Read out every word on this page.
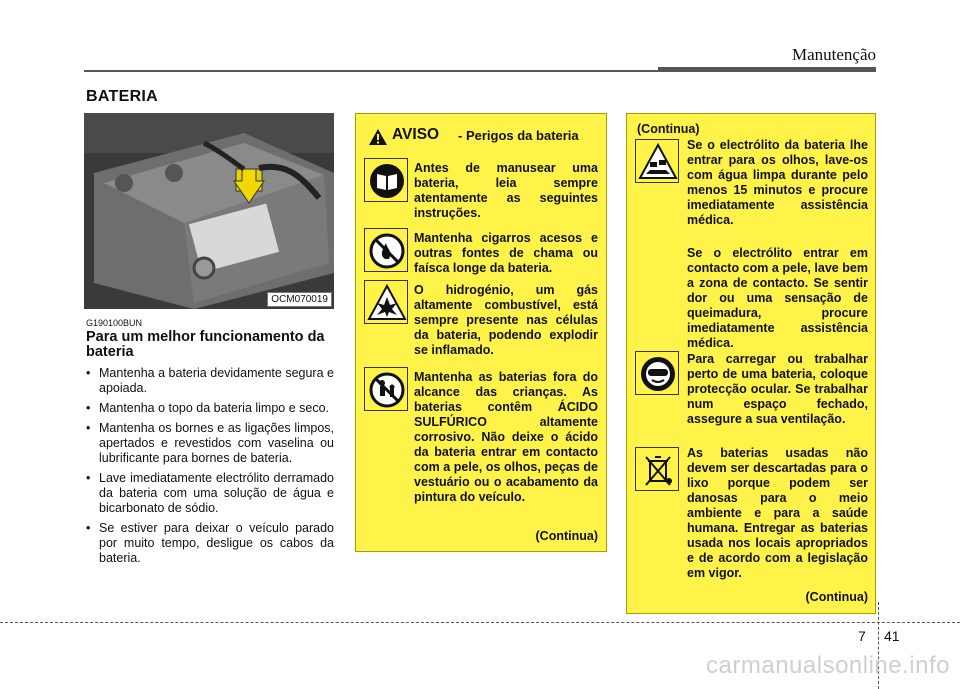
Manutenção
BATERIA
OCM070019
G190100BUN
Para um melhor funcionamento da bateria
• Mantenha a bateria devidamente segura e apoiada.
• Mantenha o topo da bateria limpo e seco.
• Mantenha os bornes e as ligações limpos, apertados e revestidos com vaselina ou lubrificante para bornes de bateria.
• Lave imediatamente electrólito derramado da bateria com uma solução de água e bicarbonato de sódio.
• Se estiver para deixar o veículo parado por muito tempo, desligue os cabos da bateria.
AVISO - Perigos da bateria
Antes de manusear uma bateria, leia sempre atentamente as seguintes instruções.
Mantenha cigarros acesos e outras fontes de chama ou faísca longe da bateria.
O hidrogénio, um gás altamente combustível, está sempre presente nas células da bateria, podendo explodir se inflamado.
Mantenha as baterias fora do alcance das crianças. As baterias contêm ÁCIDO SULFÚRICO altamente corrosivo. Não deixe o ácido da bateria entrar em contacto com a pele, os olhos, peças de vestuário ou o acabamento da pintura do veículo.
(Continua)
(Continua)
Se o electrólito da bateria lhe entrar para os olhos, lave-os com água limpa durante pelo menos 15 minutos e procure imediatamente assistência médica.
Se o electrólito entrar em contacto com a pele, lave bem a zona de contacto. Se sentir dor ou uma sensação de queimadura, procure imediatamente assistência médica.
Para carregar ou trabalhar perto de uma bateria, coloque protecção ocular. Se trabalhar num espaço fechado, assegure a sua ventilação.
As baterias usadas não devem ser descartadas para o lixo porque podem ser danosas para o meio ambiente e para a saúde humana. Entregar as baterias usada nos locais apropriados e de acordo com a legislação em vigor.
(Continua)
7 41
carmanualsonline.info
